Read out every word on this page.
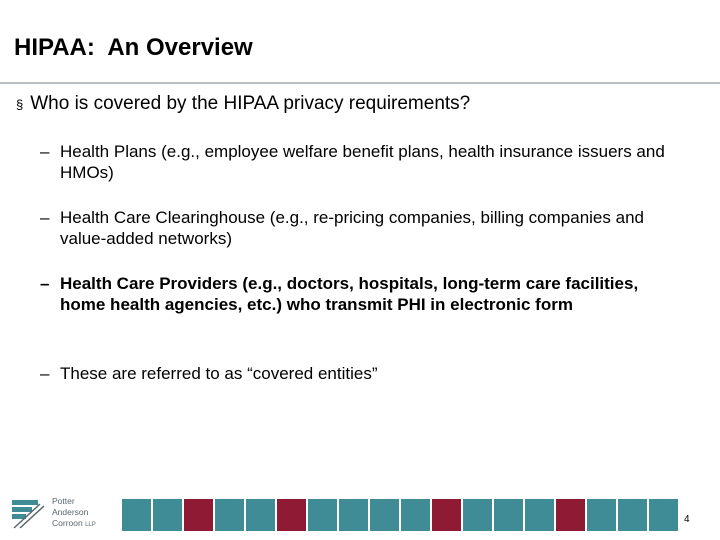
HIPAA:  An Overview
§ Who is covered by the HIPAA privacy requirements?
– Health Plans (e.g., employee welfare benefit plans, health insurance issuers and HMOs)
– Health Care Clearinghouse (e.g., re-pricing companies, billing companies and value-added networks)
– Health Care Providers (e.g., doctors, hospitals, long-term care facilities, home health agencies, etc.) who transmit PHI in electronic form
– These are referred to as “covered entities”
Potter
Anderson
Corroon LLP	4
